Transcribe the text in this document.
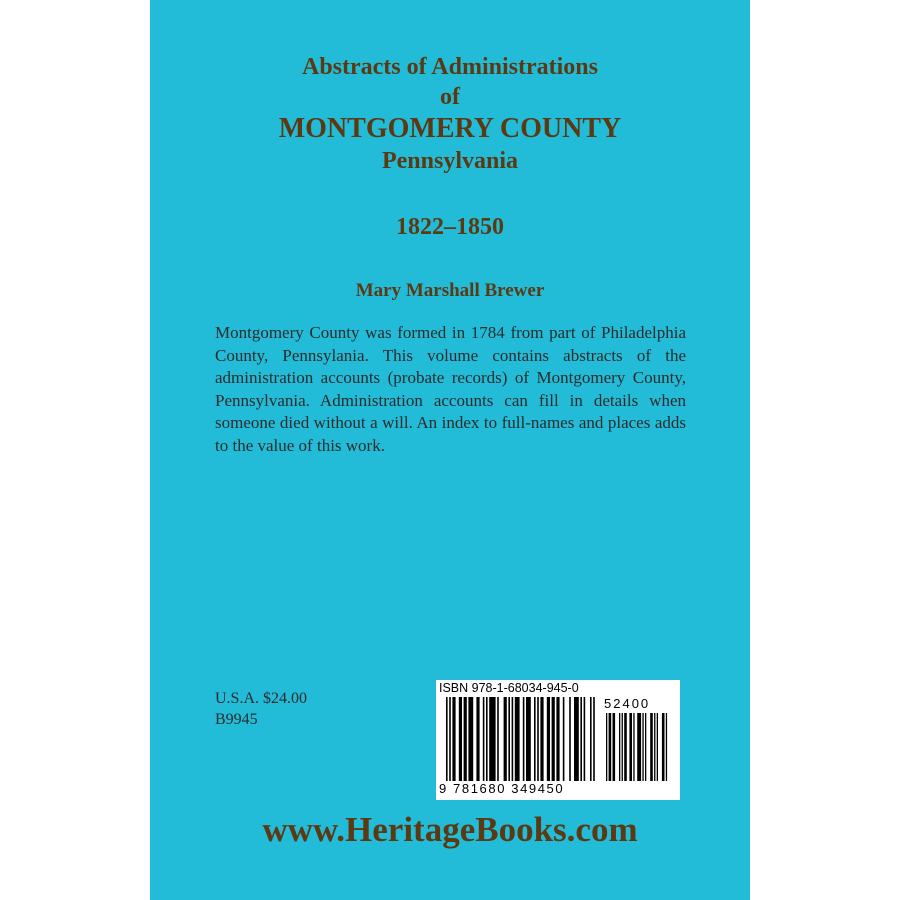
Abstracts of Administrations
of
MONTGOMERY COUNTY
Pennsylvania
1822–1850
Mary Marshall Brewer
Montgomery County was formed in 1784 from part of Philadelphia County, Pennsylania. This volume contains abstracts of the administration accounts (probate records) of Montgomery County, Pennsylvania. Administration accounts can fill in details when someone died without a will. An index to full-names and places adds to the value of this work.
U.S.A. $24.00
B9945
ISBN 978-1-68034-945-0
52400
9 781680 349450
www.HeritageBooks.com
